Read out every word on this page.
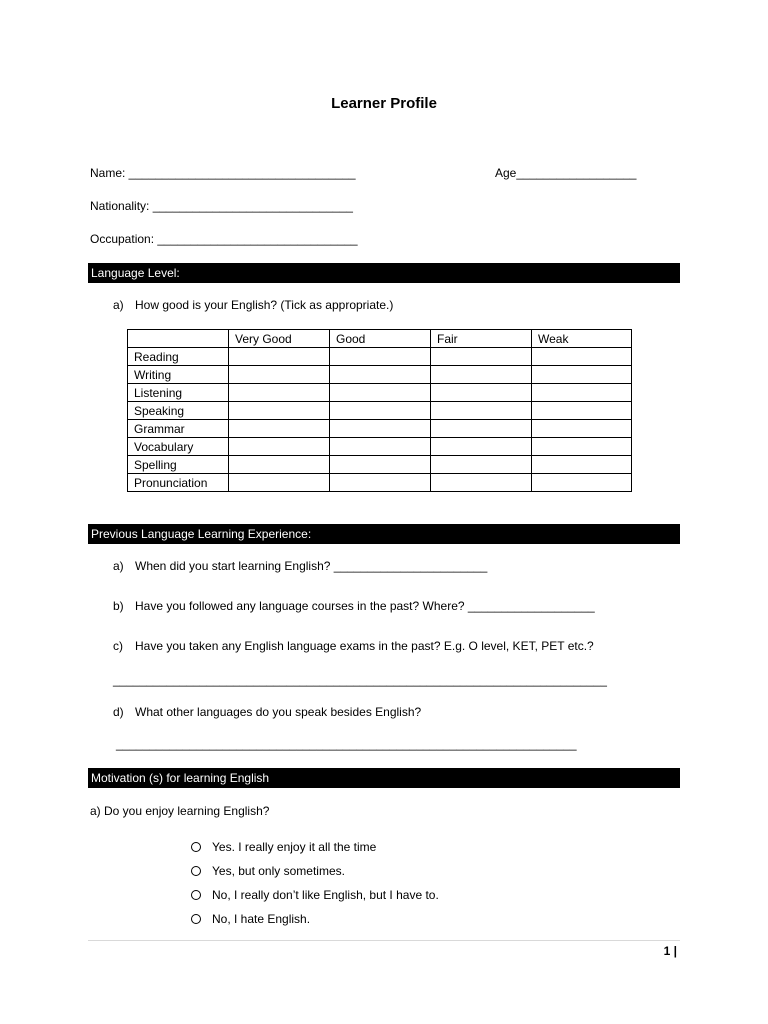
Learner Profile
Name: __________________________________	Age__________________
Nationality: ______________________________
Occupation: ______________________________
Language Level:
a) How good is your English? (Tick as appropriate.)
	Very Good	Good	Fair	Weak
Reading				
Writing				
Listening				
Speaking				
Grammar				
Vocabulary				
Spelling				
Pronunciation				
Previous Language Learning Experience:
a) When did you start learning English? _______________________
b) Have you followed any language courses in the past? Where? ___________________
c) Have you taken any English language exams in the past? E.g. O level, KET, PET etc.?
__________________________________________________________________________
d) What other languages do you speak besides English?
_____________________________________________________________________
Motivation (s) for learning English
a) Do you enjoy learning English?
Yes. I really enjoy it all the time
Yes, but only sometimes.
No, I really don’t like English, but I have to.
No, I hate English.
1 |
